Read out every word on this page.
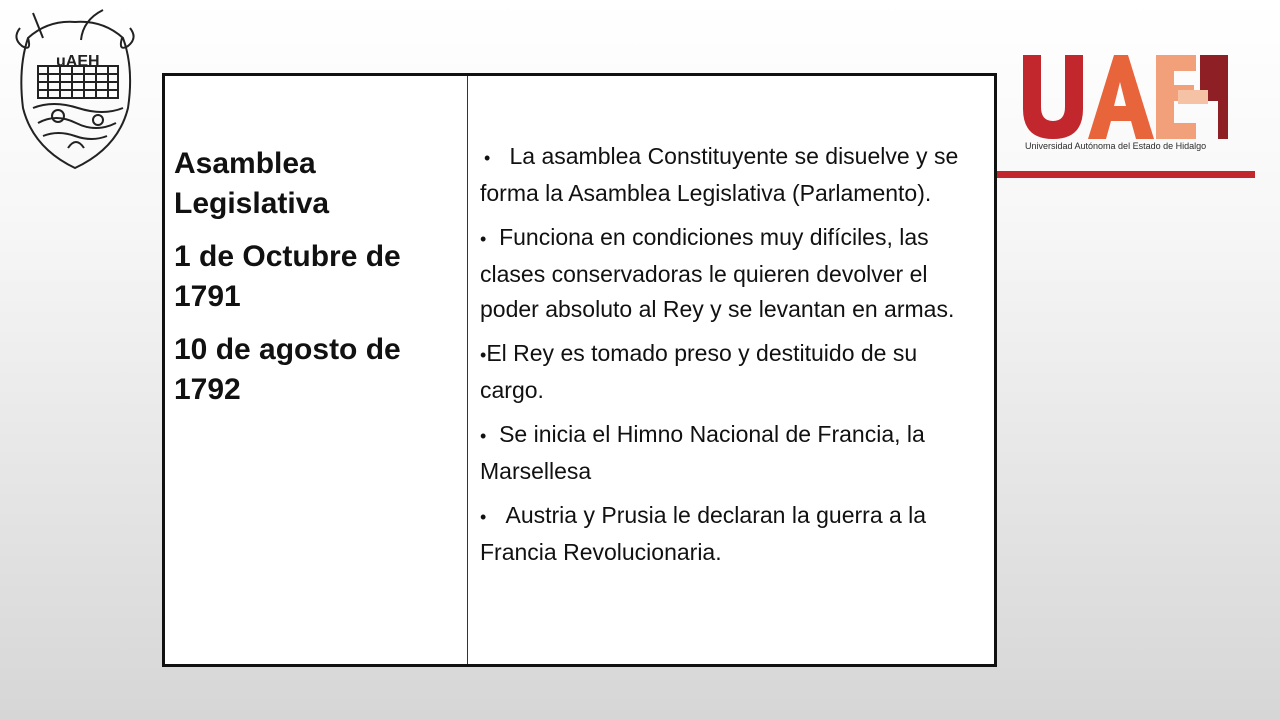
uAEH
Universidad Autónoma del Estado de Hidalgo

Asamblea Legislativa

1 de Octubre de 1791

10 de agosto de 1792

• La asamblea Constituyente se disuelve y se forma la Asamblea Legislativa (Parlamento).

• Funciona en condiciones muy difíciles, las clases conservadoras le quieren devolver el poder absoluto al Rey y se levantan en armas.

•El Rey es tomado preso y destituido de su cargo.

• Se inicia el Himno Nacional de Francia, la Marsellesa

• Austria y Prusia le declaran la guerra a la Francia Revolucionaria.
